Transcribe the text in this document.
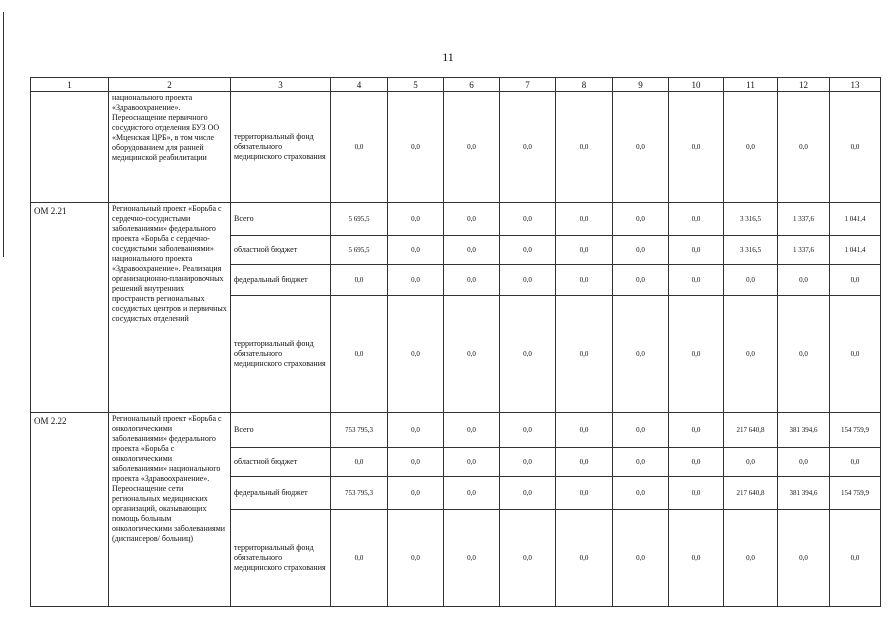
11
1	2	3	4	5	6	7	8	9	10	11	12	13
	национального проекта «Здравоохранение». Переоснащение первичного сосудистого отделения БУЗ ОО «Мценская ЦРБ», в том числе оборудованием для ранней медицинской реабилитации	территориальный фонд обязательного медицинского страхования	0,0	0,0	0,0	0,0	0,0	0,0	0,0	0,0	0,0	0,0
ОМ 2.21	Региональный проект «Борьба с сердечно-сосудистыми заболеваниями» федерального проекта «Борьба с сердечно-сосудистыми заболеваниями» национального проекта «Здравоохранение». Реализация организационно-планировочных решений внутренних пространств региональных сосудистых центров и первичных сосудистых отделений	Всего	5 695,5	0,0	0,0	0,0	0,0	0,0	0,0	3 316,5	1 337,6	1 041,4
		областной бюджет	5 695,5	0,0	0,0	0,0	0,0	0,0	0,0	3 316,5	1 337,6	1 041,4
		федеральный бюджет	0,0	0,0	0,0	0,0	0,0	0,0	0,0	0,0	0,0	0,0
		территориальный фонд обязательного медицинского страхования	0,0	0,0	0,0	0,0	0,0	0,0	0,0	0,0	0,0	0,0
ОМ 2.22	Региональный проект «Борьба с онкологическими заболеваниями» федерального проекта «Борьба с онкологическими заболеваниями» национального проекта «Здравоохранение». Переоснащение сети региональных медицинских организаций, оказывающих помощь больным онкологическими заболеваниями (диспансеров/ больниц)	Всего	753 795,3	0,0	0,0	0,0	0,0	0,0	0,0	217 640,8	381 394,6	154 759,9
		областной бюджет	0,0	0,0	0,0	0,0	0,0	0,0	0,0	0,0	0,0	0,0
		федеральный бюджет	753 795,3	0,0	0,0	0,0	0,0	0,0	0,0	217 640,8	381 394,6	154 759,9
		территориальный фонд обязательного медицинского страхования	0,0	0,0	0,0	0,0	0,0	0,0	0,0	0,0	0,0	0,0
